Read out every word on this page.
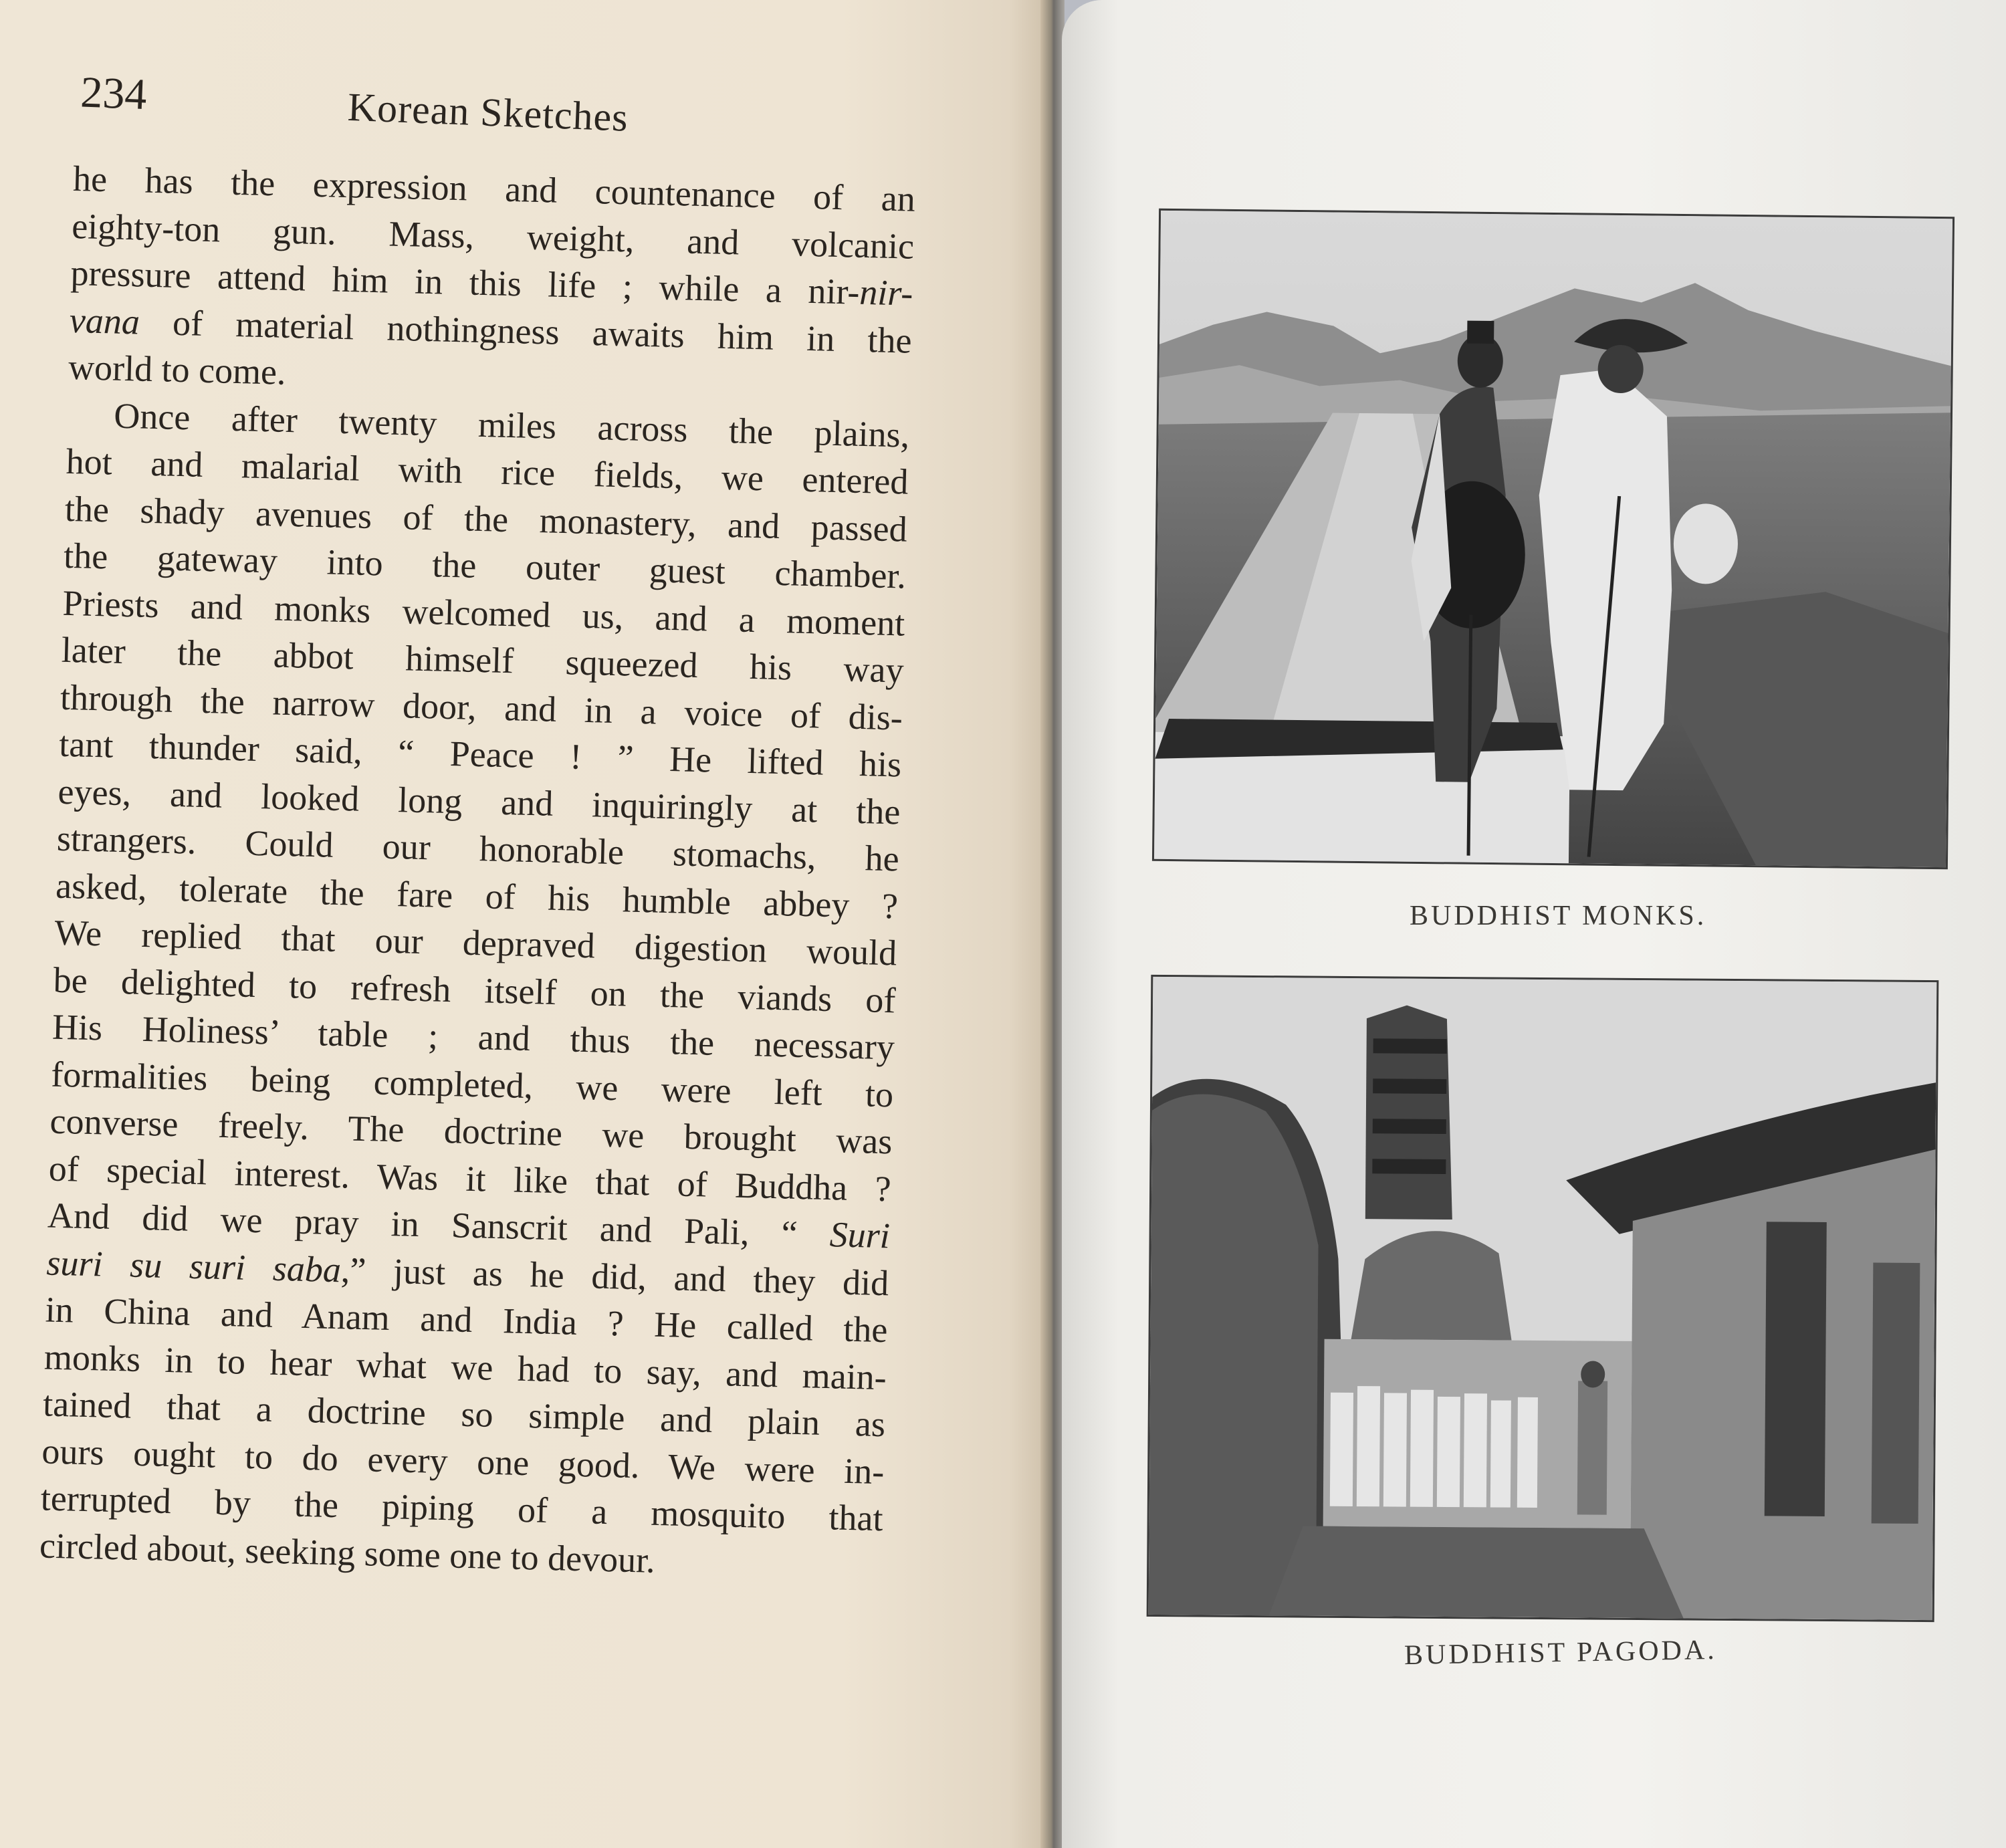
234	Korean Sketches
he has the expression and countenance of an
eighty-ton gun. Mass, weight, and volcanic
pressure attend him in this life ; while a nir-nir-
vana of material nothingness awaits him in the
world to come.
Once after twenty miles across the plains,
hot and malarial with rice fields, we entered
the shady avenues of the monastery, and passed
the gateway into the outer guest chamber.
Priests and monks welcomed us, and a moment
later the abbot himself squeezed his way
through the narrow door, and in a voice of dis-
tant thunder said, “ Peace ! ” He lifted his
eyes, and looked long and inquiringly at the
strangers. Could our honorable stomachs, he
asked, tolerate the fare of his humble abbey ?
We replied that our depraved digestion would
be delighted to refresh itself on the viands of
His Holiness’ table ; and thus the necessary
formalities being completed, we were left to
converse freely. The doctrine we brought was
of special interest. Was it like that of Buddha ?
And did we pray in Sanscrit and Pali, “ Suri
suri su suri saba,” just as he did, and they did
in China and Anam and India ? He called the
monks in to hear what we had to say, and main-
tained that a doctrine so simple and plain as
ours ought to do every one good. We were in-
terrupted by the piping of a mosquito that
circled about, seeking some one to devour.
BUDDHIST MONKS.
BUDDHIST PAGODA.
